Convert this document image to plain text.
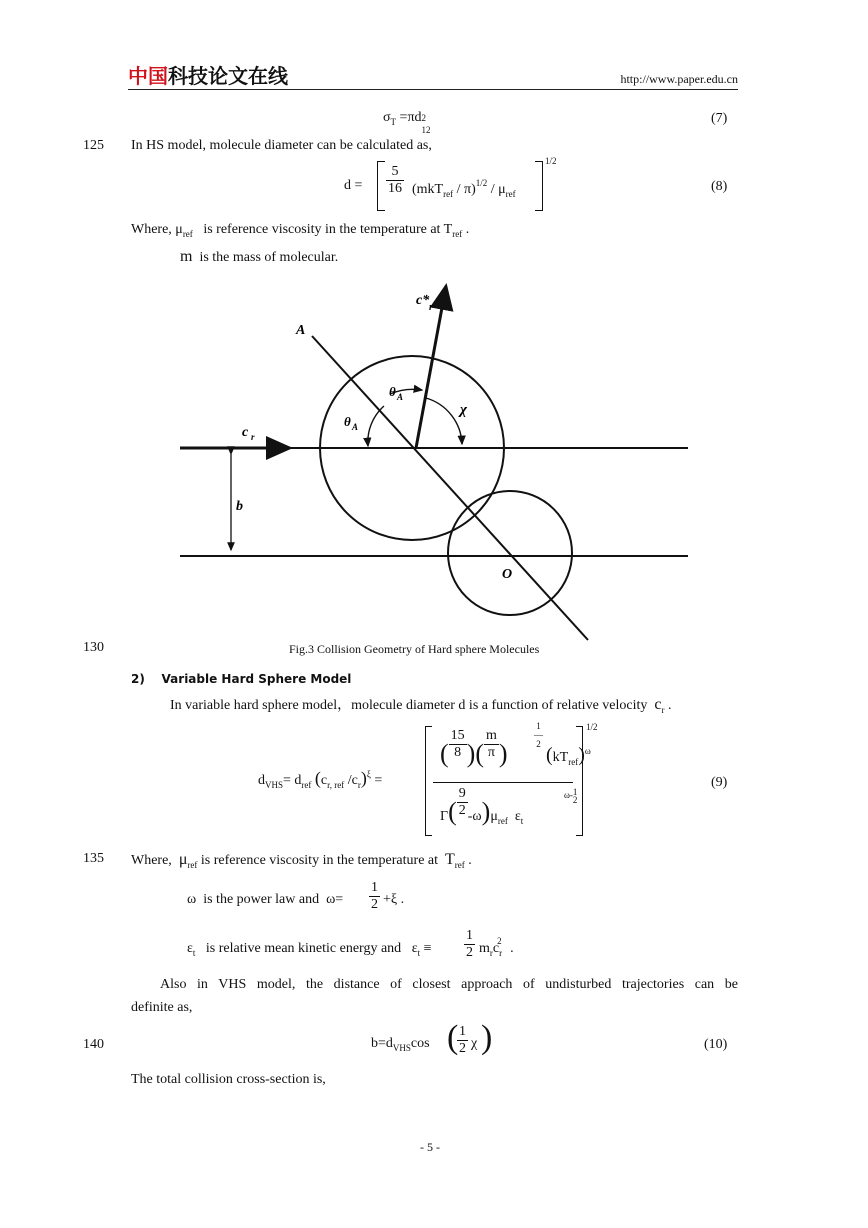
中国科技论文在线	http://www.paper.edu.cn
$\sigma_T =\pi d$ 2
12
(7)
125 In HS model, molecule diameter can be calculated as,
$d = \frac{5}{16} (mkT_{ref} / \pi)^{1/2} / \mu_{ref}$
1/2
(8)
Where, $\mu_{ref}$ is reference viscosity in the temperature at $T_{ref}$ .
m is the mass of molecular.
A
c* r
θ A
θ A
χ
c r
b
O
130	Fig.3 Collision Geometry of Hard sphere Molecules
2)    Variable Hard Sphere Model
In variable hard sphere model，molecule diameter d is a function of relative velocity $c_r$ .
$d_{VHS}= d_{ref}$ ($c_{r, ref}$ $/c_r)^\xi$ =
( $\frac{15}{8}$ )( $\frac{m}{\pi}$ )
1
—
2 $(kT_{ref})^\omega$
$\Gamma( \frac{9}{2} -\omega)\mu_{ref}$  $\varepsilon_t$
ω-1
2
1/2
(9)
135 Where, $\mu_{ref}$ is reference viscosity in the temperature at $T_{ref}$ .
ω  is the power law and  $\omega= \frac{1}{2} +\xi$ .
$\varepsilon_t$ is relative mean kinetic energy and   $\varepsilon_t \equiv \frac{1}{2} m_rc_r^2$ .
Also in VHS model, the distance of closest approach of undisturbed trajectories can be
definite as,
140	$b=d_{VHS}\cos$ (
$\frac{1}{2}$ χ )	(10)
The total collision cross-section is,
- 5 -
